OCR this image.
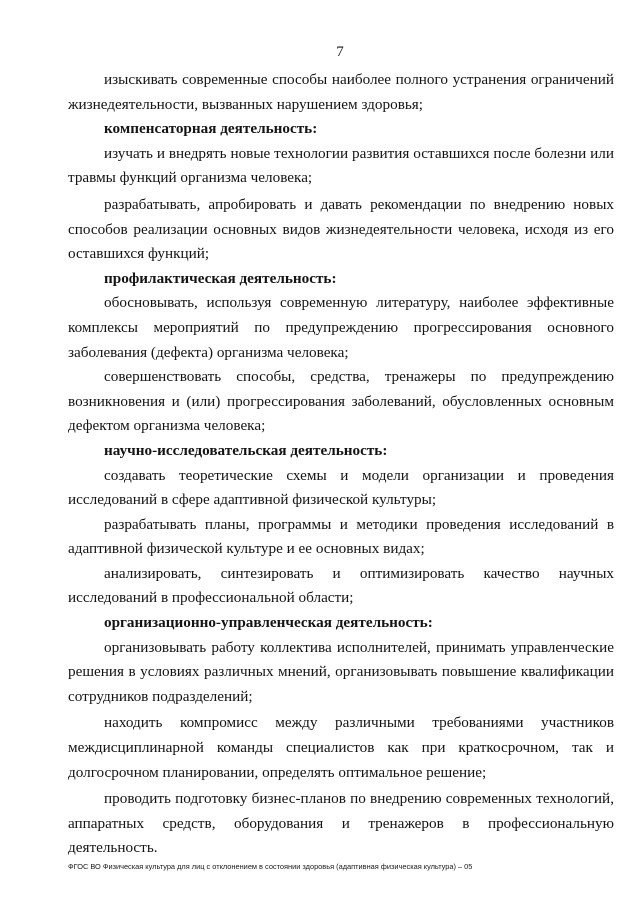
7

изыскивать современные способы наиболее полного устранения ограничений жизнедеятельности, вызванных нарушением здоровья;

компенсаторная деятельность:

изучать и внедрять новые технологии развития оставшихся после болезни или травмы функций организма человека;

разрабатывать, апробировать и давать рекомендации по внедрению новых способов реализации основных видов жизнедеятельности человека, исходя из его оставшихся функций;

профилактическая деятельность:

обосновывать, используя современную литературу, наиболее эффективные комплексы мероприятий по предупреждению прогрессирования основного заболевания (дефекта) организма человека;

совершенствовать способы, средства, тренажеры по предупреждению возникновения и (или) прогрессирования заболеваний, обусловленных основным дефектом организма человека;

научно-исследовательская деятельность:

создавать теоретические схемы и модели организации и проведения исследований в сфере адаптивной физической культуры;

разрабатывать планы, программы и методики проведения исследований в адаптивной физической культуре и ее основных видах;

анализировать, синтезировать и оптимизировать качество научных исследований в профессиональной области;

организационно-управленческая деятельность:

организовывать работу коллектива исполнителей, принимать управленческие решения в условиях различных мнений, организовывать повышение квалификации сотрудников подразделений;

находить компромисс между различными требованиями участников междисциплинарной команды специалистов как при краткосрочном, так и долгосрочном планировании, определять оптимальное решение;

проводить подготовку бизнес-планов по внедрению современных технологий, аппаратных средств, оборудования и тренажеров в профессиональную деятельность.

ФГОС ВО Физическая культура для лиц с отклонением в состоянии здоровья (адаптивная физическая культура) – 05
